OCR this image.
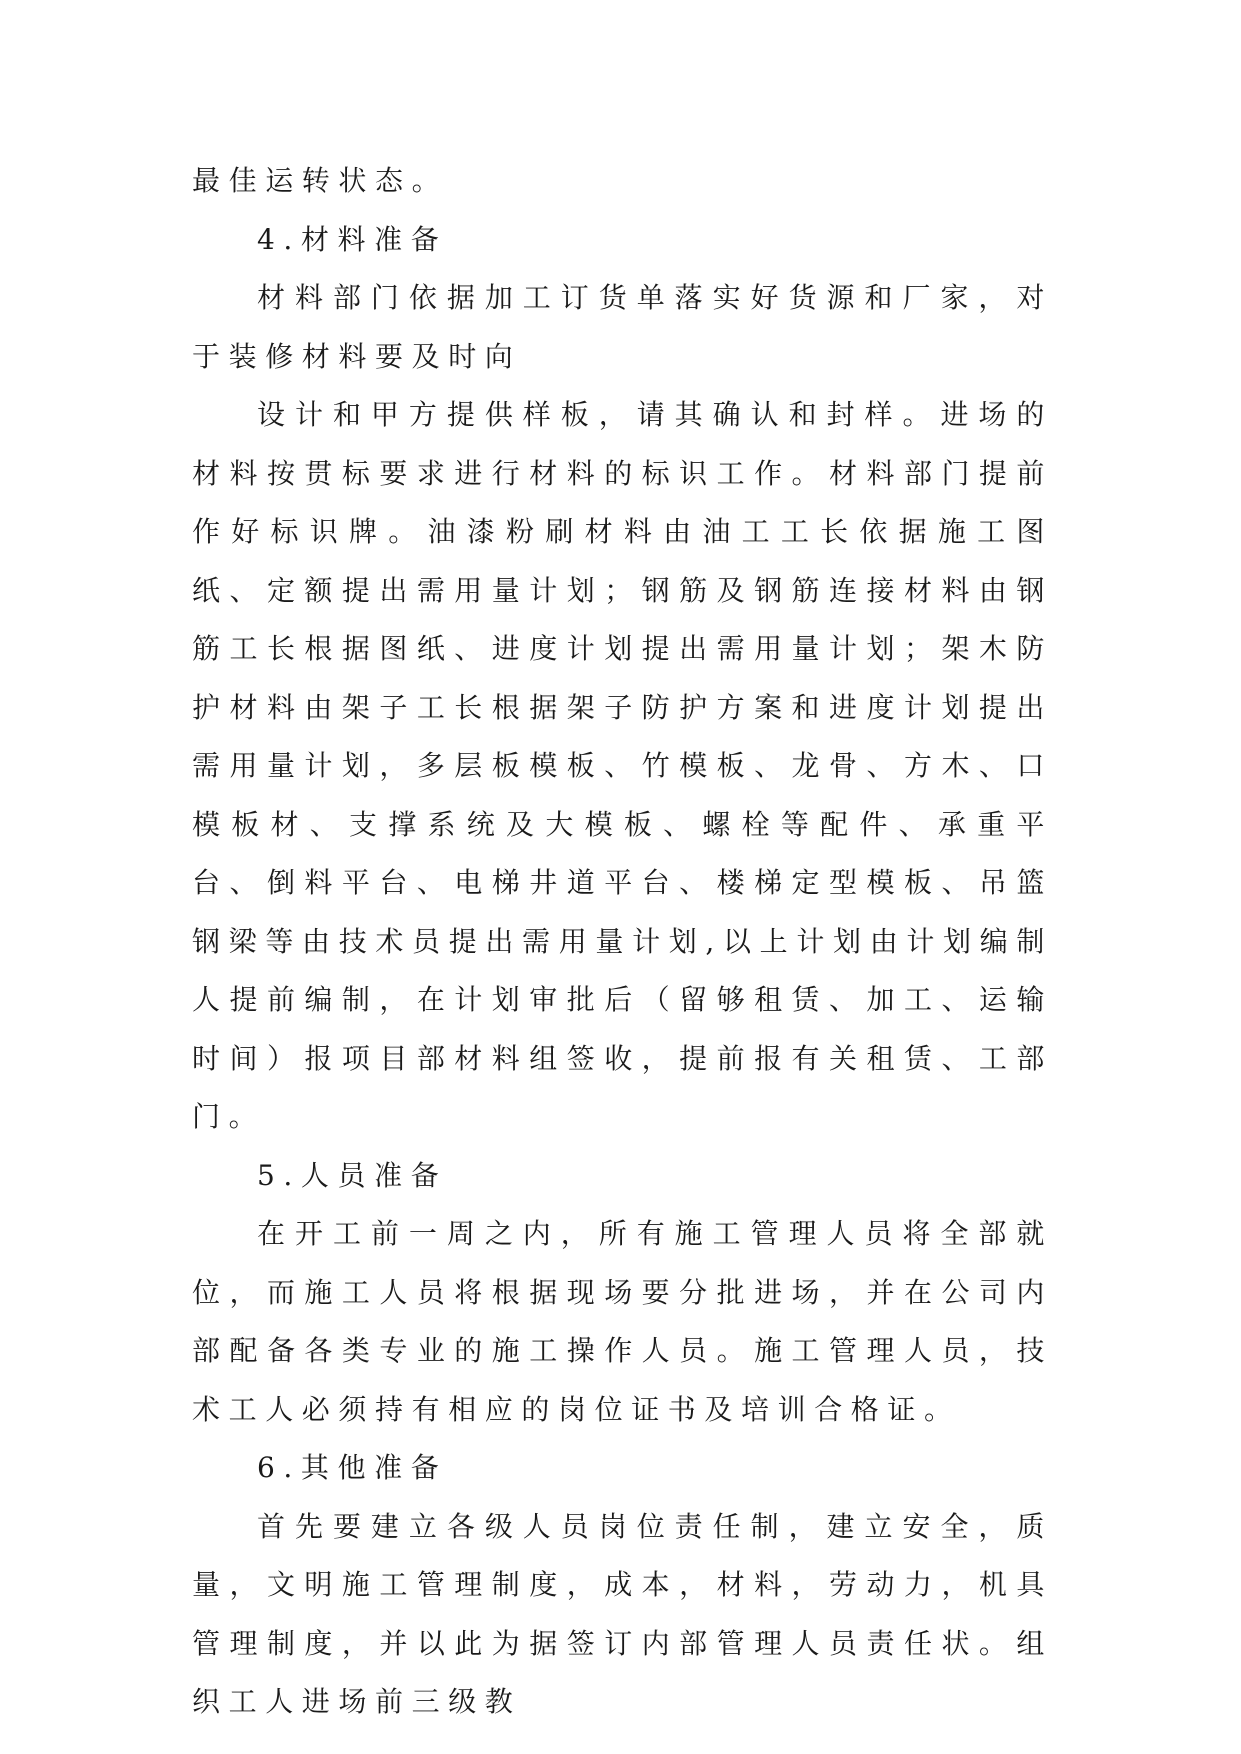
最佳运转状态。

4.材料准备

材料部门依据加工订货单落实好货源和厂家，对于装修材料要及时向

设计和甲方提供样板，请其确认和封样。进场的材料按贯标要求进行材料的标识工作。材料部门提前作好标识牌。油漆粉刷材料由油工工长依据施工图纸、定额提出需用量计划；钢筋及钢筋连接材料由钢筋工长根据图纸、进度计划提出需用量计划；架木防护材料由架子工长根据架子防护方案和进度计划提出需用量计划，多层板模板、竹模板、龙骨、方木、口模板材、支撑系统及大模板、螺栓等配件、承重平台、倒料平台、电梯井道平台、楼梯定型模板、吊篮钢梁等由技术员提出需用量计划,以上计划由计划编制人提前编制，在计划审批后（留够租赁、加工、运输时间）报项目部材料组签收，提前报有关租赁、工部门。

5.人员准备

在开工前一周之内，所有施工管理人员将全部就位，而施工人员将根据现场要分批进场，并在公司内部配备各类专业的施工操作人员。施工管理人员，技术工人必须持有相应的岗位证书及培训合格证。

6.其他准备

首先要建立各级人员岗位责任制，建立安全，质量，文明施工管理制度，成本，材料，劳动力，机具管理制度，并以此为据签订内部管理人员责任状。组织工人进场前三级教
